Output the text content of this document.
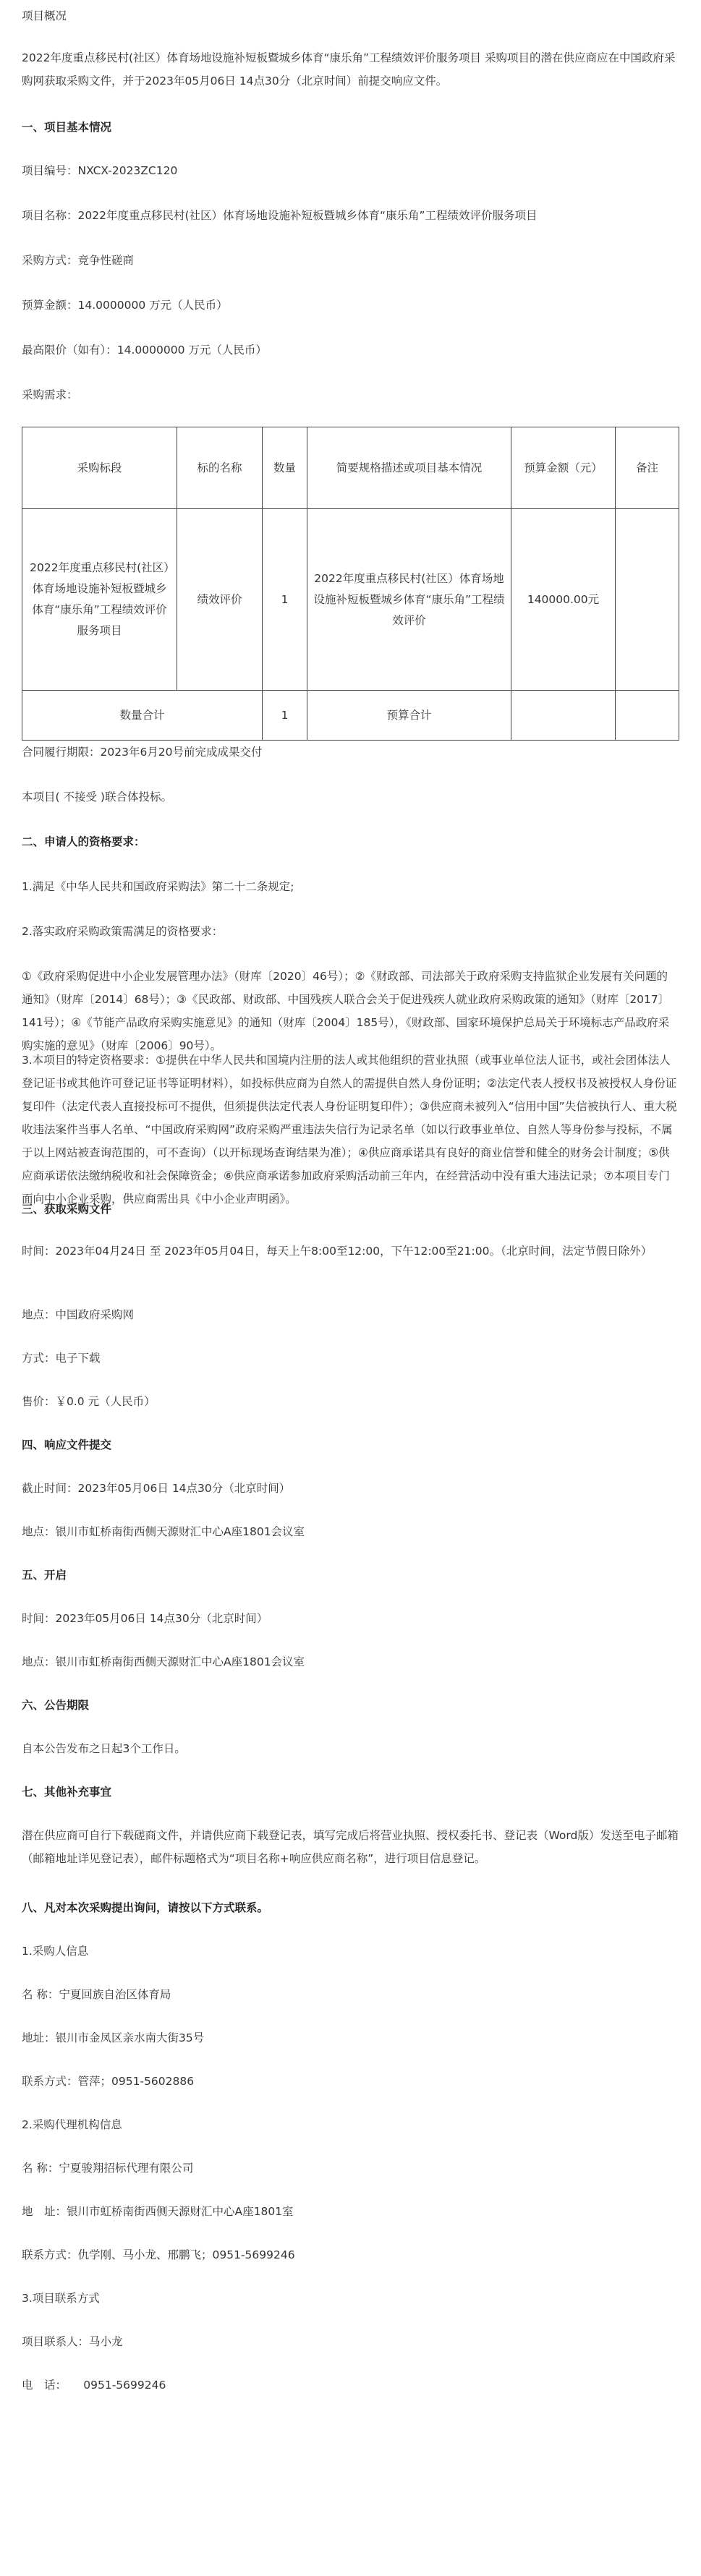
项目概况

2022年度重点移民村(社区）体育场地设施补短板暨城乡体育“康乐角”工程绩效评价服务项目 采购项目的潜在供应商应在中国政府采购网获取采购文件，并于2023年05月06日 14点30分（北京时间）前提交响应文件。

一、项目基本情况

项目编号：NXCX-2023ZC120

项目名称：2022年度重点移民村(社区）体育场地设施补短板暨城乡体育“康乐角”工程绩效评价服务项目

采购方式：竞争性磋商

预算金额：14.0000000 万元（人民币）

最高限价（如有）：14.0000000 万元（人民币）

采购需求：

采购标段	标的名称	数量	简要规格描述或项目基本情况	预算金额（元）	备注
2022年度重点移民村(社区）体育场地设施补短板暨城乡体育“康乐角”工程绩效评价服务项目	绩效评价	1	2022年度重点移民村(社区）体育场地设施补短板暨城乡体育“康乐角”工程绩效评价	140000.00元	
数量合计		1	预算合计		

合同履行期限：2023年6月20号前完成成果交付

本项目( 不接受 )联合体投标。

二、申请人的资格要求：

1.满足《中华人民共和国政府采购法》第二十二条规定;

2.落实政府采购政策需满足的资格要求：

①《政府采购促进中小企业发展管理办法》（财库〔2020〕46号）；②《财政部、司法部关于政府采购支持监狱企业发展有关问题的通知》（财库〔2014〕68号）；③《民政部、财政部、中国残疾人联合会关于促进残疾人就业政府采购政策的通知》（财库〔2017〕141号）；④《节能产品政府采购实施意见》的通知（财库〔2004〕185号），《财政部、国家环境保护总局关于环境标志产品政府采购实施的意见》（财库〔2006〕90号）。

3.本项目的特定资格要求：①提供在中华人民共和国境内注册的法人或其他组织的营业执照（或事业单位法人证书，或社会团体法人登记证书或其他许可登记证书等证明材料），如投标供应商为自然人的需提供自然人身份证明；②法定代表人授权书及被授权人身份证复印件（法定代表人直接投标可不提供，但须提供法定代表人身份证明复印件）；③供应商未被列入“信用中国”失信被执行人、重大税收违法案件当事人名单、“中国政府采购网”政府采购严重违法失信行为记录名单（如以行政事业单位、自然人等身份参与投标，不属于以上网站被查询范围的，可不查询）（以开标现场查询结果为准）；④供应商承诺具有良好的商业信誉和健全的财务会计制度；⑤供应商承诺依法缴纳税收和社会保障资金；⑥供应商承诺参加政府采购活动前三年内，在经营活动中没有重大违法记录；⑦本项目专门面向中小企业采购，供应商需出具《中小企业声明函》。

三、获取采购文件

时间：2023年04月24日 至 2023年05月04日，每天上午8:00至12:00，下午12:00至21:00。（北京时间，法定节假日除外）

地点：中国政府采购网

方式：电子下载

售价：￥0.0 元（人民币）

四、响应文件提交

截止时间：2023年05月06日 14点30分（北京时间）

地点：银川市虹桥南街西侧天源财汇中心A座1801会议室

五、开启

时间：2023年05月06日 14点30分（北京时间）

地点：银川市虹桥南街西侧天源财汇中心A座1801会议室

六、公告期限

自本公告发布之日起3个工作日。

七、其他补充事宜

潜在供应商可自行下载磋商文件，并请供应商下载登记表，填写完成后将营业执照、授权委托书、登记表（Word版）发送至电子邮箱（邮箱地址详见登记表），邮件标题格式为“项目名称+响应供应商名称”，进行项目信息登记。

八、凡对本次采购提出询问，请按以下方式联系。

1.采购人信息

名 称：宁夏回族自治区体育局

地址：银川市金凤区亲水南大街35号

联系方式：管萍；0951-5602886

2.采购代理机构信息

名 称：宁夏骏翔招标代理有限公司

地　址：银川市虹桥南街西侧天源财汇中心A座1801室

联系方式：仇学刚、马小龙、邢鹏飞；0951-5699246

3.项目联系方式

项目联系人：马小龙

电　话：　　0951-5699246
